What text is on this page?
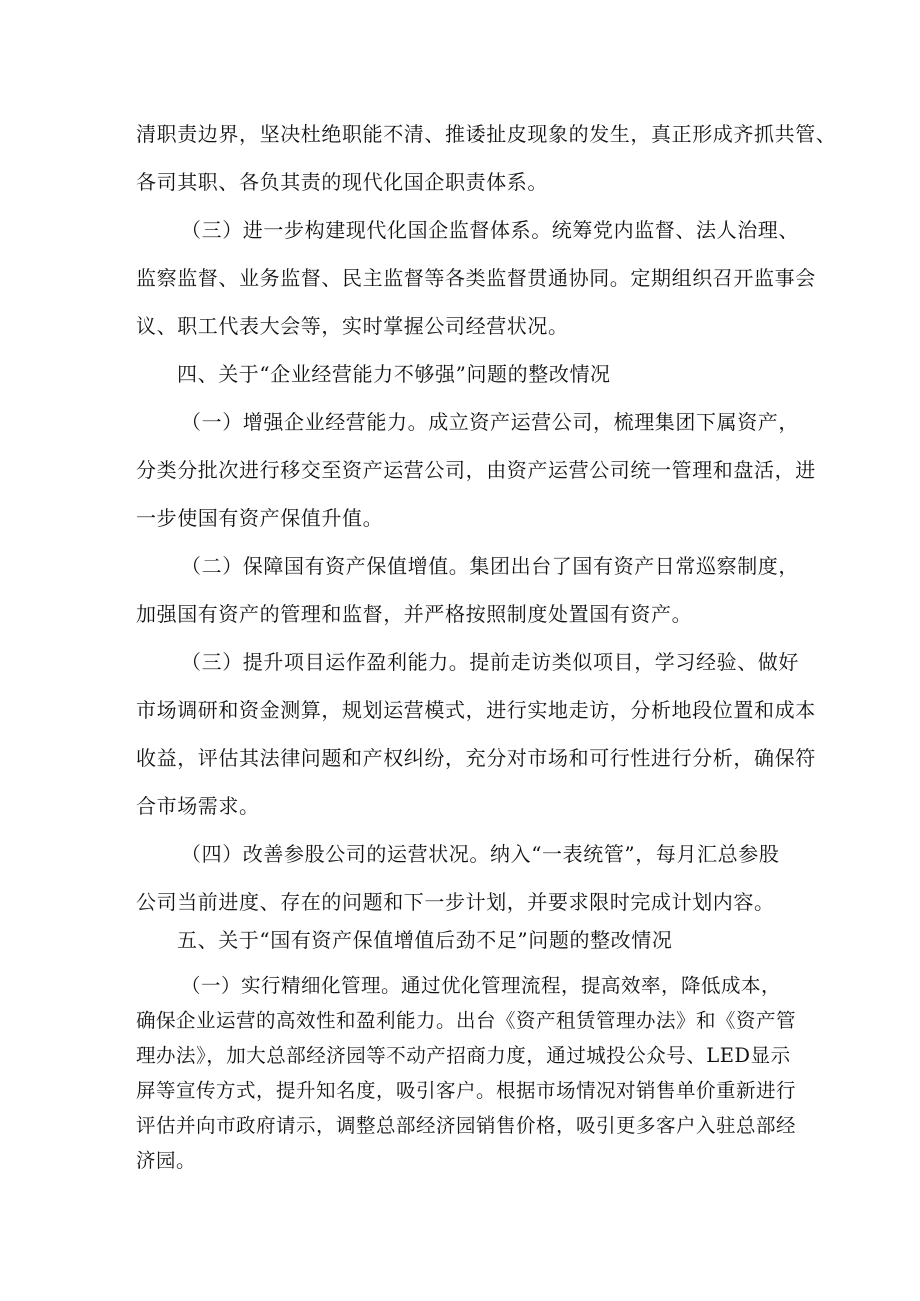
清职责边界，坚决杜绝职能不清、推诿扯皮现象的发生，真正形成齐抓共管、
各司其职、各负其责的现代化国企职责体系。
（三）进一步构建现代化国企监督体系。统筹党内监督、法人治理、
监察监督、业务监督、民主监督等各类监督贯通协同。定期组织召开监事会
议、职工代表大会等，实时掌握公司经营状况。
四、关于“企业经营能力不够强”问题的整改情况
（一）增强企业经营能力。成立资产运营公司，梳理集团下属资产，
分类分批次进行移交至资产运营公司，由资产运营公司统一管理和盘活，进
一步使国有资产保值升值。
（二）保障国有资产保值增值。集团出台了国有资产日常巡察制度，
加强国有资产的管理和监督，并严格按照制度处置国有资产。
（三）提升项目运作盈利能力。提前走访类似项目，学习经验、做好
市场调研和资金测算，规划运营模式，进行实地走访，分析地段位置和成本
收益，评估其法律问题和产权纠纷，充分对市场和可行性进行分析，确保符
合市场需求。
（四）改善参股公司的运营状况。纳入“一表统管”，每月汇总参股
公司当前进度、存在的问题和下一步计划，并要求限时完成计划内容。
五、关于“国有资产保值增值后劲不足”问题的整改情况
（一）实行精细化管理。通过优化管理流程，提高效率，降低成本，
确保企业运营的高效性和盈利能力。出台《资产租赁管理办法》和《资产管
理办法》，加大总部经济园等不动产招商力度，通过城投公众号、LED显示
屏等宣传方式，提升知名度，吸引客户。根据市场情况对销售单价重新进行
评估并向市政府请示，调整总部经济园销售价格，吸引更多客户入驻总部经
济园。
